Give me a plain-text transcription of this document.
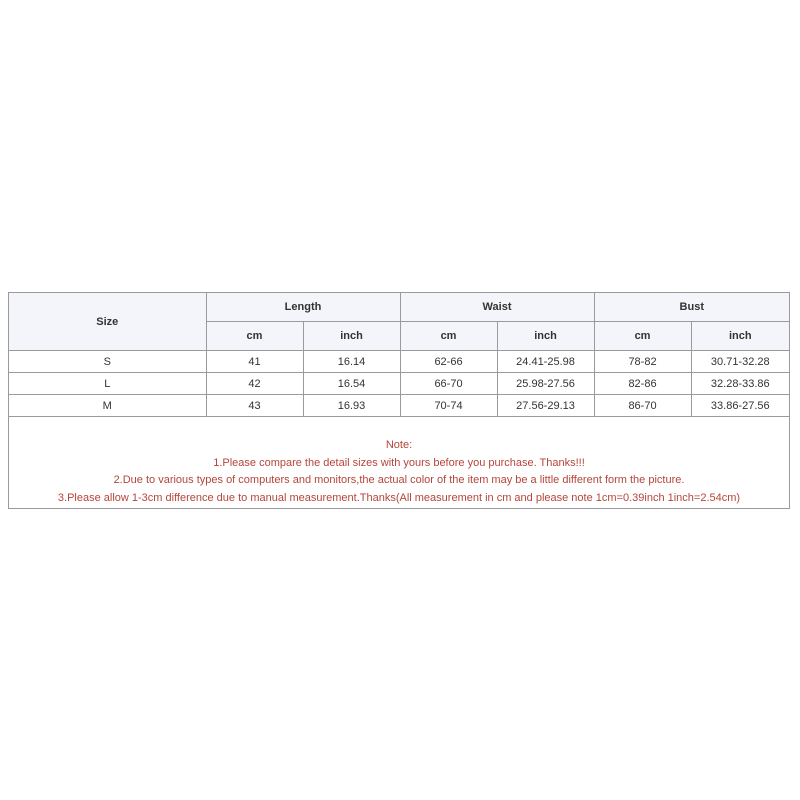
Size	Length		Waist		Bust	
	cm	inch	cm	inch	cm	inch
S	41	16.14	62-66	24.41-25.98	78-82	30.71-32.28
L	42	16.54	66-70	25.98-27.56	82-86	32.28-33.86
M	43	16.93	70-74	27.56-29.13	86-70	33.86-27.56
Note:
1.Please compare the detail sizes with yours before you purchase. Thanks!!!
2.Due to various types of computers and monitors,the actual color of the item may be a little different form the picture.
3.Please allow 1-3cm difference due to manual measurement.Thanks(All measurement in cm and please note 1cm=0.39inch 1inch=2.54cm)
